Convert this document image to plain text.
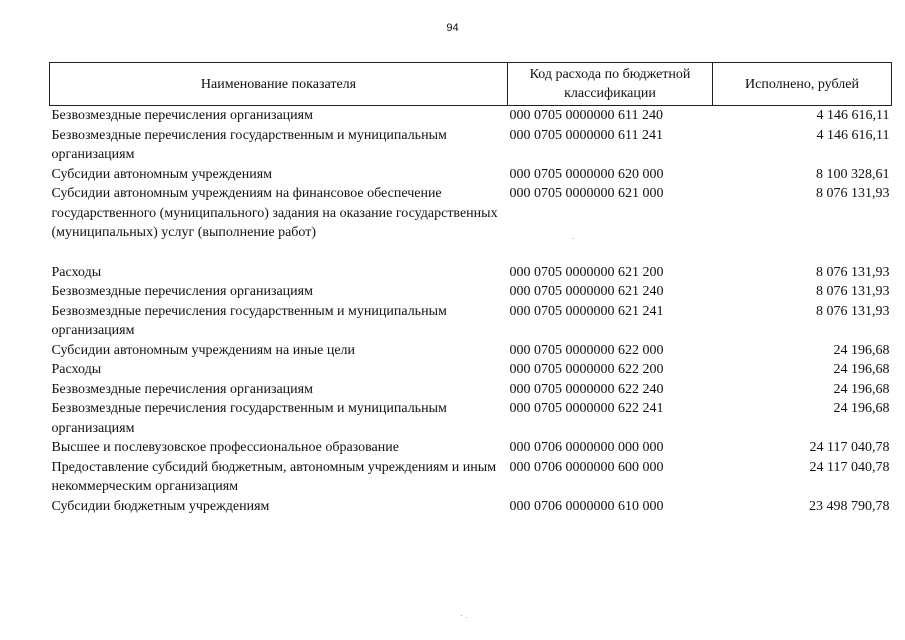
94
Наименование показателя	Код расхода по бюджетной классификации	Исполнено, рублей
Безвозмездные перечисления организациям	000 0705 0000000 611 240	4 146 616,11
Безвозмездные перечисления государственным и муниципальным организациям	000 0705 0000000 611 241	4 146 616,11
Субсидии автономным учреждениям	000 0705 0000000 620 000	8 100 328,61
Субсидии автономным учреждениям на финансовое обеспечение государственного (муниципального) задания на оказание государственных (муниципальных) услуг (выполнение работ)	000 0705 0000000 621 000	8 076 131,93

Расходы	000 0705 0000000 621 200	8 076 131,93
Безвозмездные перечисления организациям	000 0705 0000000 621 240	8 076 131,93
Безвозмездные перечисления государственным и муниципальным организациям	000 0705 0000000 621 241	8 076 131,93
Субсидии автономным учреждениям на иные цели	000 0705 0000000 622 000	24 196,68
Расходы	000 0705 0000000 622 200	24 196,68
Безвозмездные перечисления организациям	000 0705 0000000 622 240	24 196,68
Безвозмездные перечисления государственным и муниципальным организациям	000 0705 0000000 622 241	24 196,68
Высшее и послевузовское профессиональное образование	000 0706 0000000 000 000	24 117 040,78
Предоставление субсидий бюджетным, автономным учреждениям и иным некоммерческим организациям	000 0706 0000000 600 000	24 117 040,78
Субсидии бюджетным учреждениям	000 0706 0000000 610 000	23 498 790,78
·
· .
